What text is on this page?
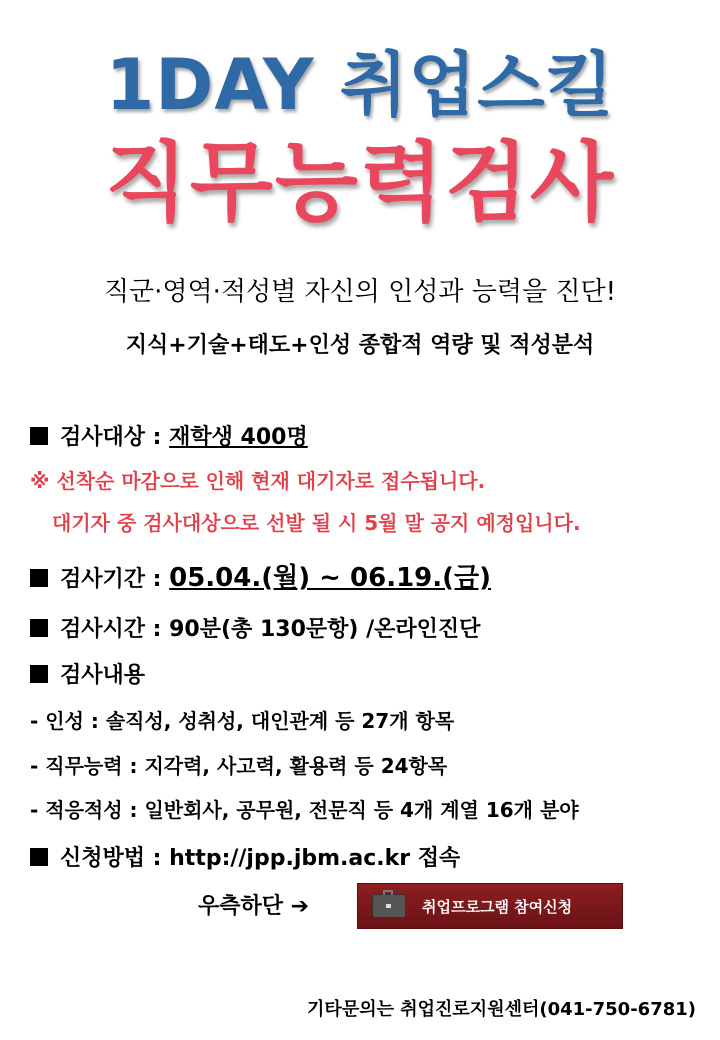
1DAY 취업스킬
직무능력검사
직군·영역·적성별 자신의 인성과 능력을 진단!
지식+기술+태도+인성 종합적 역량 및 적성분석
검사대상 : 재학생 400명
※ 선착순 마감으로 인해 현재 대기자로 접수됩니다.
대기자 중 검사대상으로 선발 될 시 5월 말 공지 예정입니다.
검사기간 : 05.04.(월) ~ 06.19.(금)
검사시간 : 90분(총 130문항) /온라인진단
검사내용
- 인성 : 솔직성, 성취성, 대인관계 등 27개 항목
- 직무능력 : 지각력, 사고력, 활용력 등 24항목
- 적응적성 : 일반회사, 공무원, 전문직 등 4개 계열 16개 분야
신청방법 : http://jpp.jbm.ac.kr 접속
우측하단 ➔	취업프로그램 참여신청
기타문의는 취업진로지원센터(041-750-6781)
